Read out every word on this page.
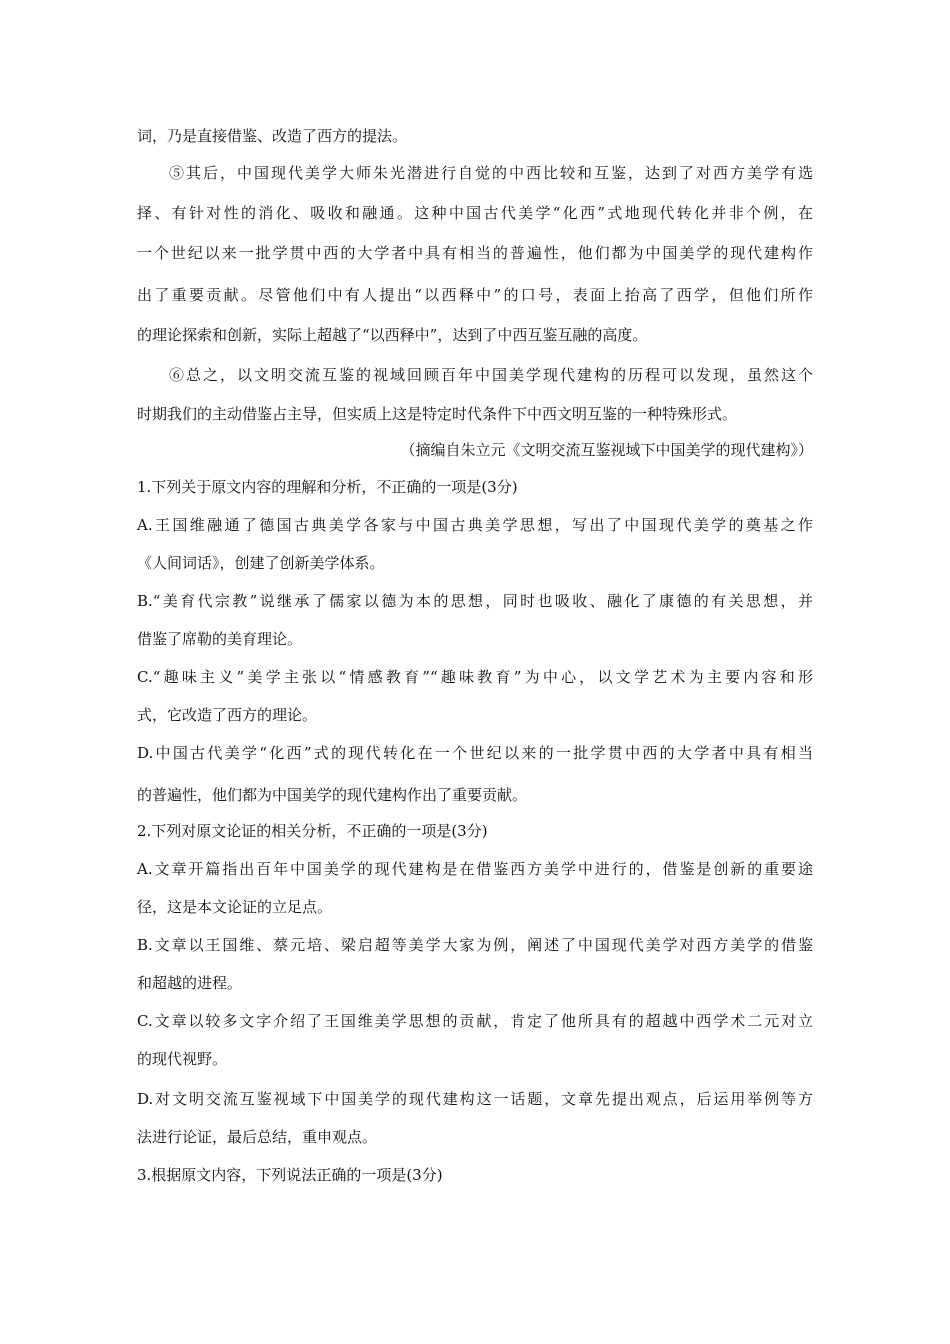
词，乃是直接借鉴、改造了西方的提法。
⑤其后，中国现代美学大师朱光潜进行自觉的中西比较和互鉴，达到了对西方美学有选
择、有针对性的消化、吸收和融通。这种中国古代美学“化西”式地现代转化并非个例，在
一个世纪以来一批学贯中西的大学者中具有相当的普遍性，他们都为中国美学的现代建构作
出了重要贡献。尽管他们中有人提出“以西释中”的口号，表面上抬高了西学，但他们所作
的理论探索和创新，实际上超越了“以西释中”，达到了中西互鉴互融的高度。
⑥总之，以文明交流互鉴的视域回顾百年中国美学现代建构的历程可以发现，虽然这个
时期我们的主动借鉴占主导，但实质上这是特定时代条件下中西文明互鉴的一种特殊形式。
（摘编自朱立元《文明交流互鉴视域下中国美学的现代建构》）
1.下列关于原文内容的理解和分析，不正确的一项是(3分)
A.王国维融通了德国古典美学各家与中国古典美学思想，写出了中国现代美学的奠基之作
《人间词话》，创建了创新美学体系。
B.“美育代宗教”说继承了儒家以德为本的思想，同时也吸收、融化了康德的有关思想，并
借鉴了席勒的美育理论。
C.“趣味主义”美学主张以“情感教育”“趣味教育”为中心，以文学艺术为主要内容和形
式，它改造了西方的理论。
D.中国古代美学“化西”式的现代转化在一个世纪以来的一批学贯中西的大学者中具有相当
的普遍性，他们都为中国美学的现代建构作出了重要贡献。
2.下列对原文论证的相关分析，不正确的一项是(3分)
A.文章开篇指出百年中国美学的现代建构是在借鉴西方美学中进行的，借鉴是创新的重要途
径，这是本文论证的立足点。
B.文章以王国维、蔡元培、梁启超等美学大家为例，阐述了中国现代美学对西方美学的借鉴
和超越的进程。
C.文章以较多文字介绍了王国维美学思想的贡献，肯定了他所具有的超越中西学术二元对立
的现代视野。
D.对文明交流互鉴视域下中国美学的现代建构这一话题，文章先提出观点，后运用举例等方
法进行论证，最后总结，重申观点。
3.根据原文内容，下列说法正确的一项是(3分)
